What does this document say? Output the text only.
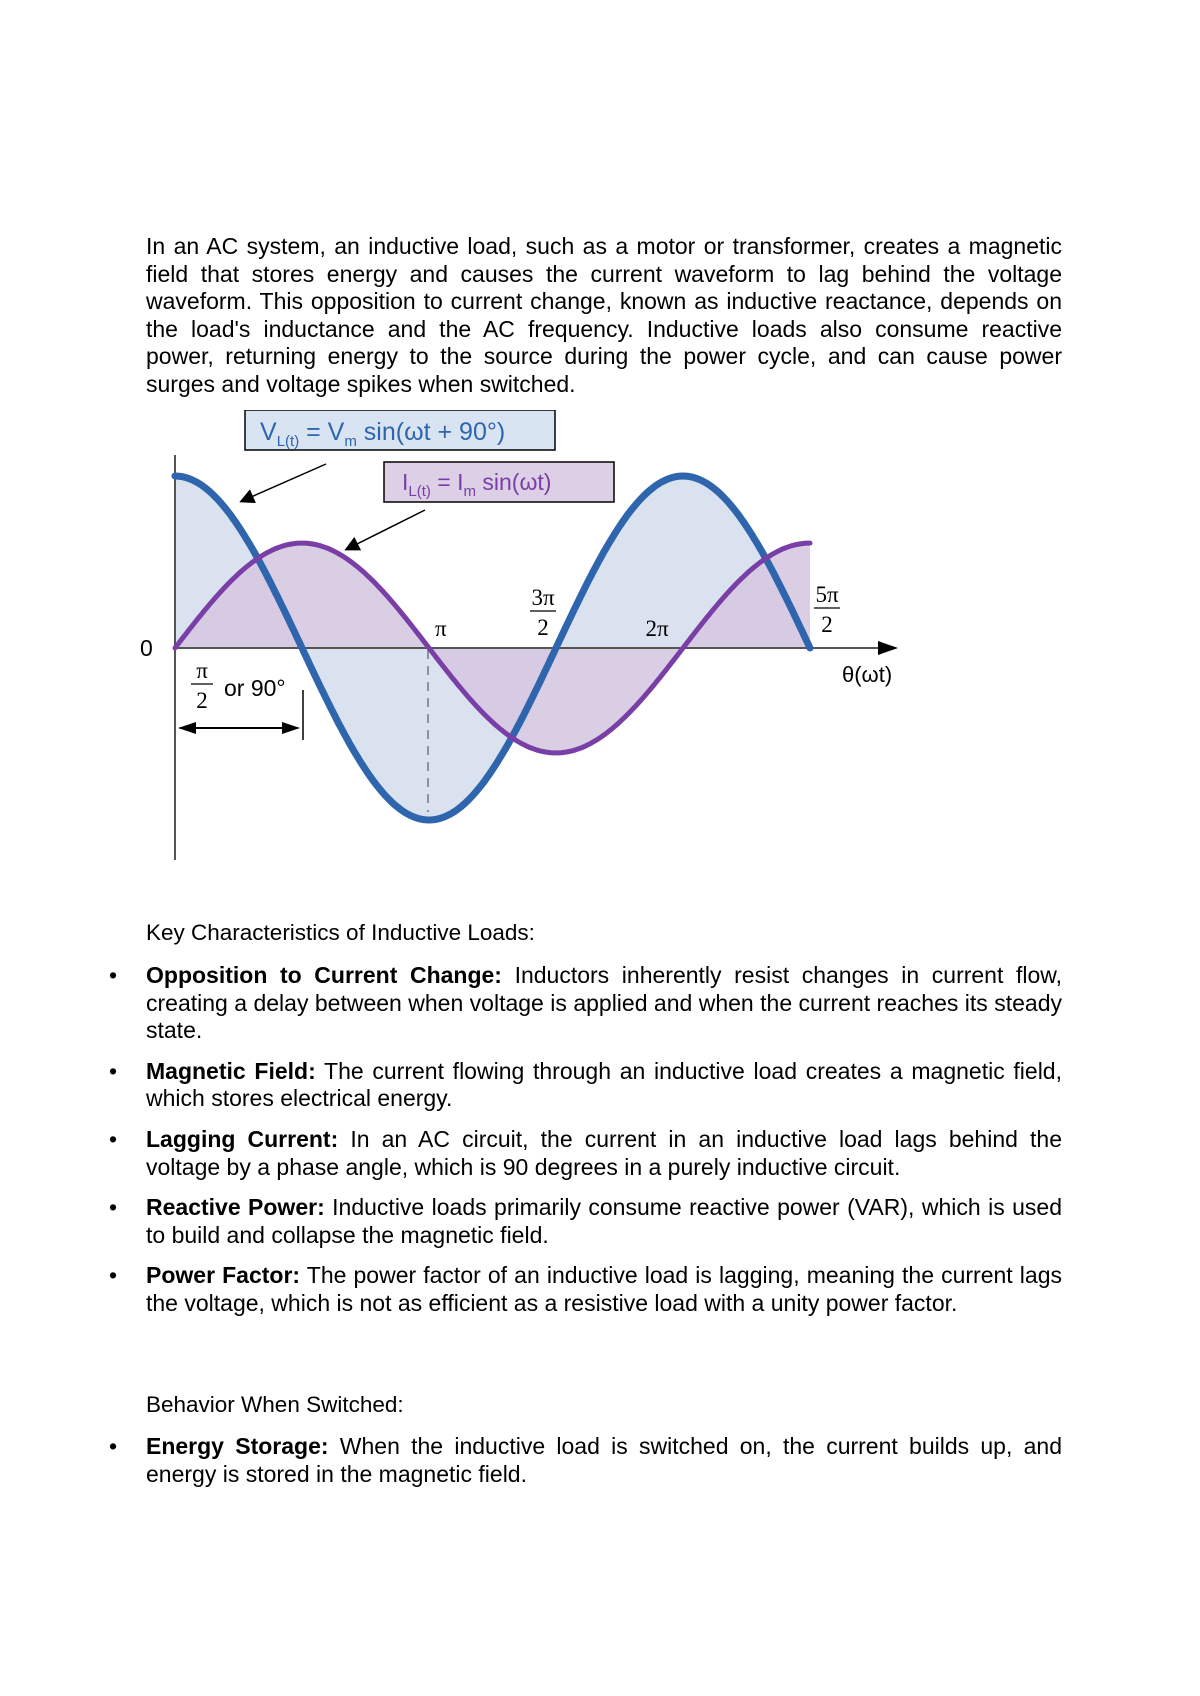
In an AC system, an inductive load, such as a motor or transformer, creates a magnetic field that stores energy and causes the current waveform to lag behind the voltage waveform. This opposition to current change, known as inductive reactance, depends on the load's inductance and the AC frequency. Inductive loads also consume reactive power, returning energy to the source during the power cycle, and can cause power surges and voltage spikes when switched.

0
π
3π
2	2π
5π
2
θ(ωt)
π
2 or 90°
$V_{L(t)} = V_m$ sin(ωt + 90°)
$I_{L(t)} = I_m$ sin(ωt)

Key Characteristics of Inductive Loads:

• Opposition to Current Change: Inductors inherently resist changes in current flow, creating a delay between when voltage is applied and when the current reaches its steady state.
• Magnetic Field: The current flowing through an inductive load creates a magnetic field, which stores electrical energy.
• Lagging Current: In an AC circuit, the current in an inductive load lags behind the voltage by a phase angle, which is 90 degrees in a purely inductive circuit.
• Reactive Power: Inductive loads primarily consume reactive power (VAR), which is used to build and collapse the magnetic field.
• Power Factor: The power factor of an inductive load is lagging, meaning the current lags the voltage, which is not as efficient as a resistive load with a unity power factor.

Behavior When Switched:

• Energy Storage: When the inductive load is switched on, the current builds up, and energy is stored in the magnetic field.
